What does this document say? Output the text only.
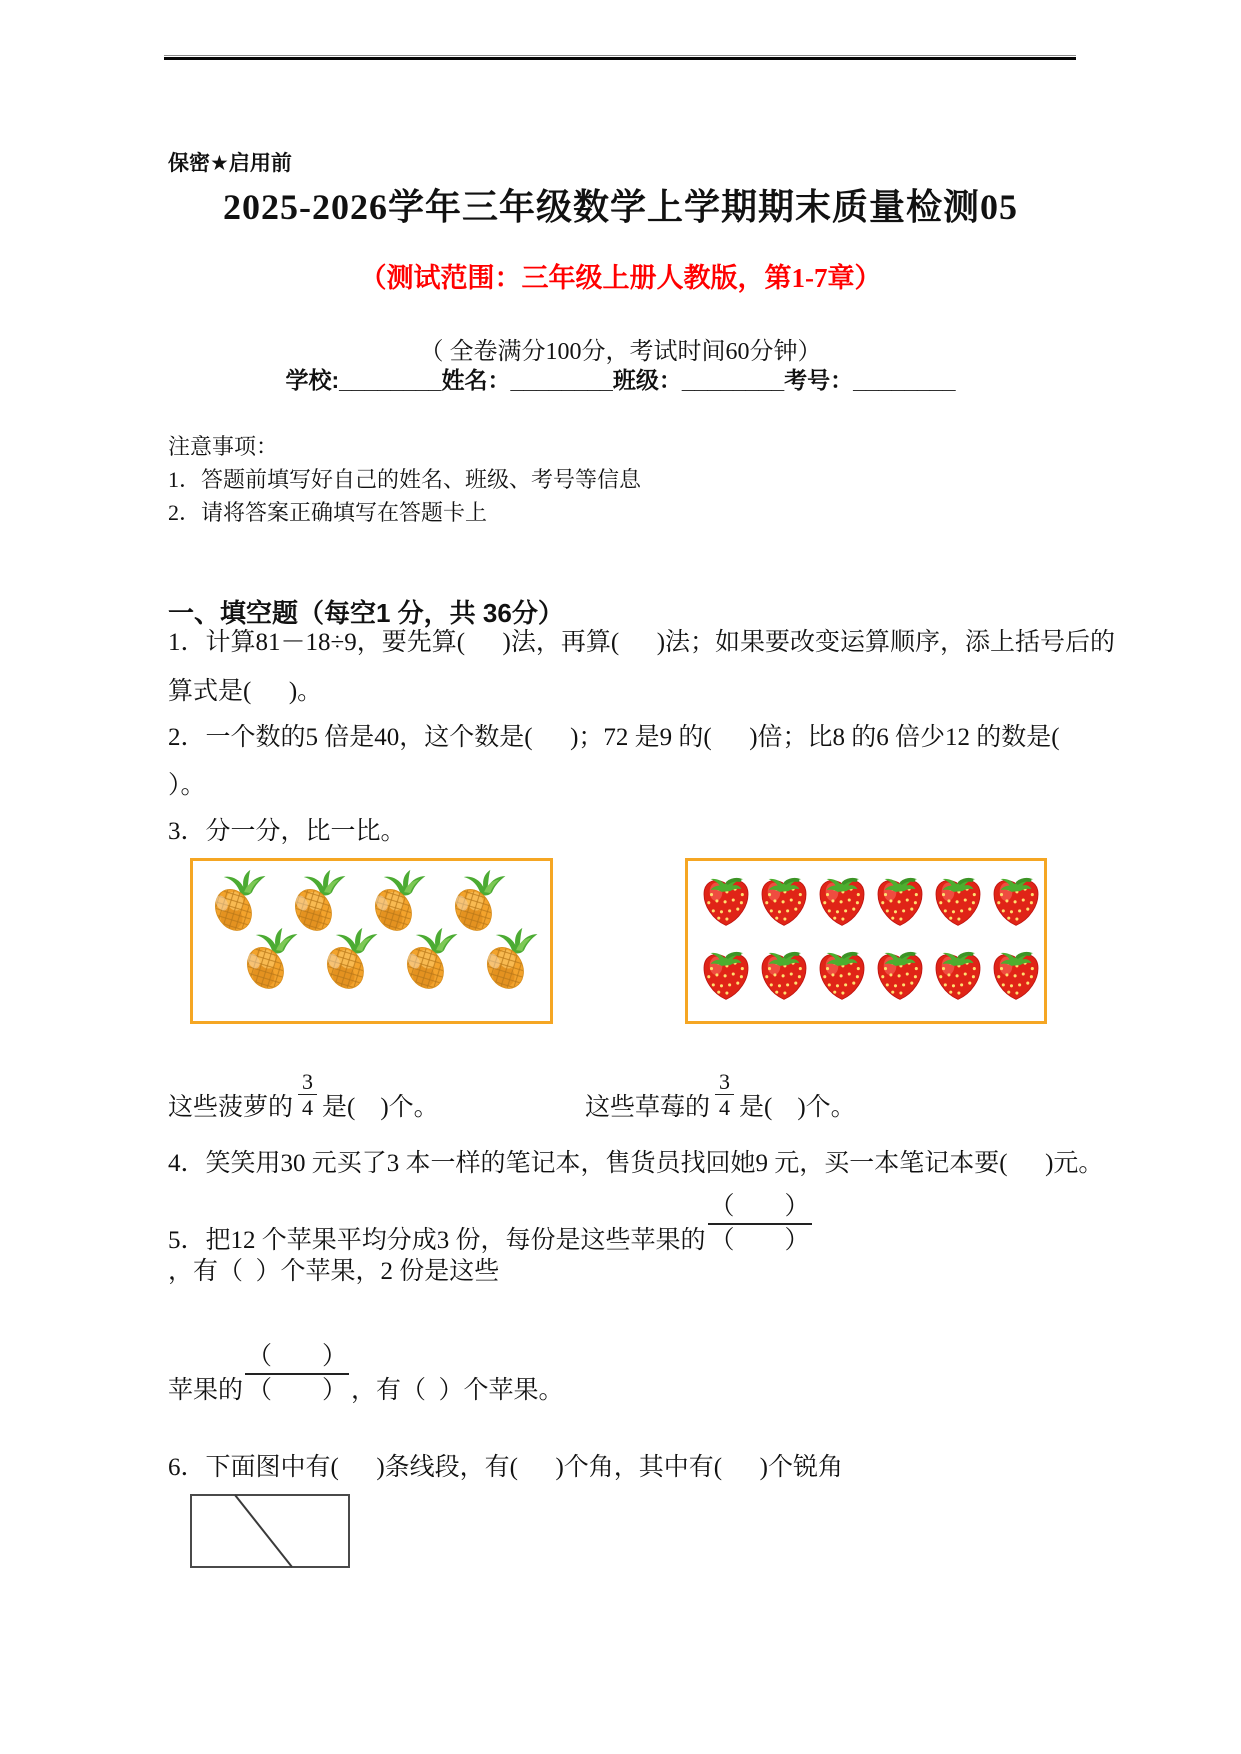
保密★启用前
2025-2026学年三年级数学上学期期末质量检测05
（测试范围：三年级上册人教版，第1-7章）
（ 全卷满分100分，考试时间60分钟）
学校:________姓名：________班级：________考号：________
注意事项：
1．答题前填写好自己的姓名、班级、考号等信息
2．请将答案正确填写在答题卡上
一、填空题（每空1 分，共 36分）
1．计算81－18÷9，要先算(      )法，再算(      )法；如果要改变运算顺序，添上括号后的
算式是(      )。
2．一个数的5 倍是40，这个数是(      )；72 是9 的(      )倍；比8 的6 倍少12 的数是(
）。
3．分一分，比一比。
这些菠萝的 $\frac{3}{4}$ 是(    )个。	这些草莓的 $\frac{3}{4}$ 是(    )个。
4．笑笑用30 元买了3 本一样的笔记本，售货员找回她9 元，买一本笔记本要(      )元。
5．把12 个苹果平均分成3 份，每份是这些苹果的
（　　）
（　　）
，有（  ）个苹果，2 份是这些
苹果的
（　　）
（　　） ，有（  ）个苹果。
6．下面图中有(      )条线段，有(      )个角，其中有(      )个锐角
